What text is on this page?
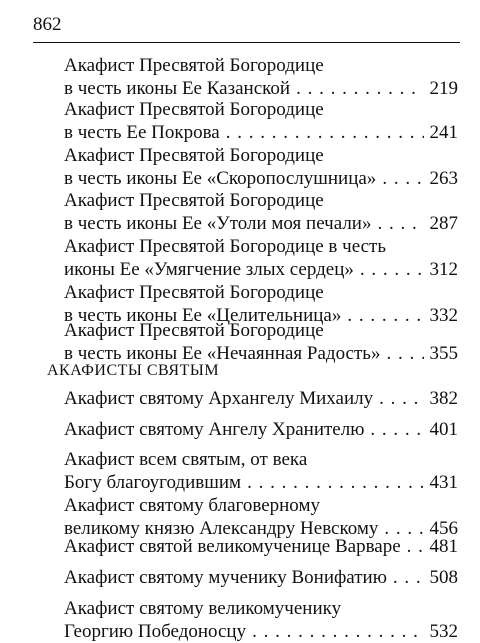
862
Акафист Пресвятой Богородице
в честь иконы Ее Казанской . . .	219
Акафист Пресвятой Богородице
в честь Ее Покрова . . .	241
Акафист Пресвятой Богородице
в честь иконы Ее «Скоропослушница» . . .	263
Акафист Пресвятой Богородице
в честь иконы Ее «Утоли моя печали» . . .	287
Акафист Пресвятой Богородице в честь
иконы Ее «Умягчение злых сердец» . . .	312
Акафист Пресвятой Богородице
в честь иконы Ее «Целительница» . . .	332
Акафист Пресвятой Богородице
в честь иконы Ее «Нечаянная Радость» . . .	355
Акафист святому Архангелу Михаилу . . .	382
Акафист святому Ангелу Хранителю . . .	401
Акафист всем святым, от века
Богу благоугодившим . . .	431
Акафист святому благоверному
великому князю Александру Невскому . . .	456
Акафист святой великомученице Варваре . . . 481
Акафист святому мученику Вонифатию . . . 508
Акафист святому великомученику
Георгию Победоносцу . . .	532
АКАФИСТЫ СВЯТЫМ
